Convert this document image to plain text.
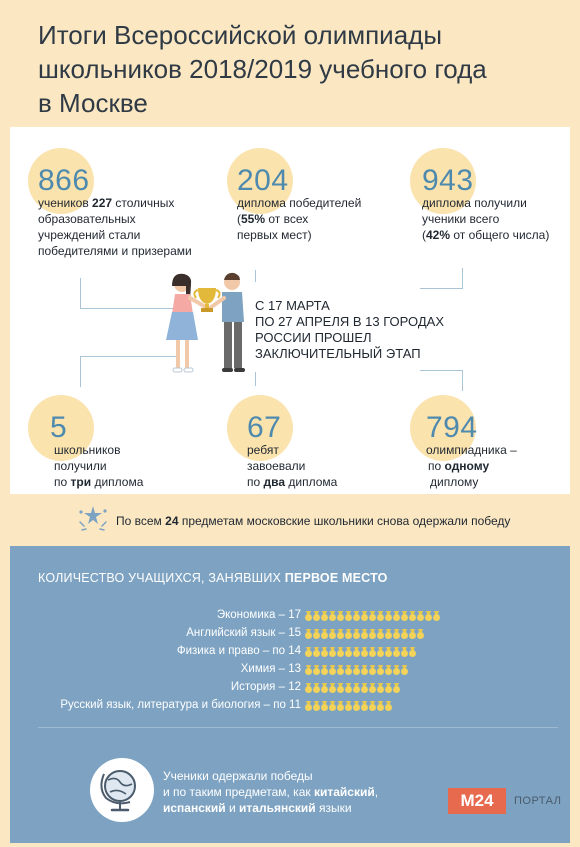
Итоги Всероссийской олимпиады
школьников 2018/2019 учебного года
в Москве
866
учеников 227 столичных
образовательных
учреждений стали
победителями и призерами
204
диплома победителей
(55% от всех
первых мест)
943
диплома получили
ученики всего
(42% от общего числа)
5
школьников
получили
по три диплома
67
ребят
завоевали
по два диплома
794
олимпиадника –
по одному
диплому
С 17 МАРТА
ПО 27 АПРЕЛЯ В 13 ГОРОДАХ
РОССИИ ПРОШЕЛ
ЗАКЛЮЧИТЕЛЬНЫЙ ЭТАП
По всем 24 предметам московские школьники снова одержали победу
КОЛИЧЕСТВО УЧАЩИХСЯ, ЗАНЯВШИХ ПЕРВОЕ МЕСТО
Экономика – 17
Английский язык – 15
Физика и право – по 14
Химия – 13
История – 12
Русский язык, литература и биология – по 11
Ученики одержали победы
и по таким предметам, как китайский,
испанский и итальянский языки	М24	ПОРТАЛ
